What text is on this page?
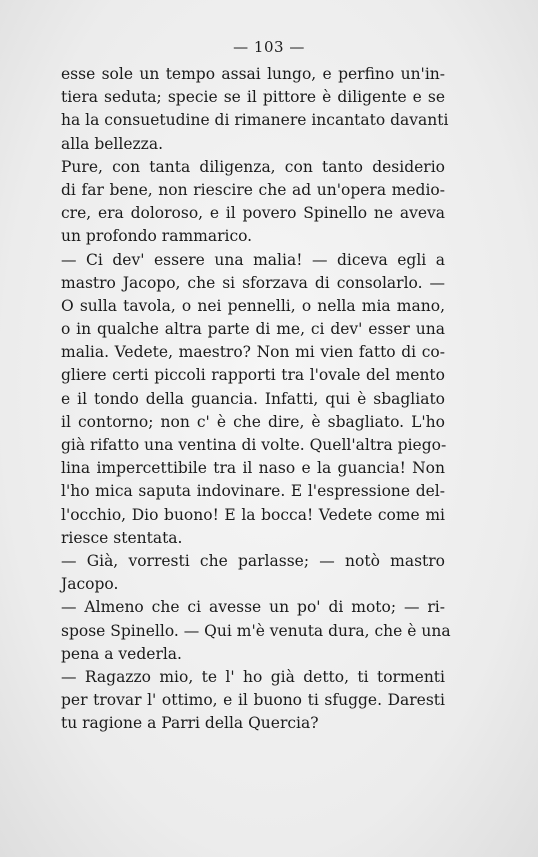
— 103 —
esse sole un tempo assai lungo, e perfino un'in-
tiera seduta; specie se il pittore è diligente e se
ha la consuetudine di rimanere incantato davanti
alla bellezza.
Pure, con tanta diligenza, con tanto desiderio
di far bene, non riescire che ad un'opera medio-
cre, era doloroso, e il povero Spinello ne aveva
un profondo rammarico.
— Ci dev' essere una malia! — diceva egli a
mastro Jacopo, che si sforzava di consolarlo. —
O sulla tavola, o nei pennelli, o nella mia mano,
o in qualche altra parte di me, ci dev' esser una
malia. Vedete, maestro? Non mi vien fatto di co-
gliere certi piccoli rapporti tra l'ovale del mento
e il tondo della guancia. Infatti, qui è sbagliato
il contorno; non c' è che dire, è sbagliato. L'ho
già rifatto una ventina di volte. Quell'altra piego-
lina impercettibile tra il naso e la guancia! Non
l'ho mica saputa indovinare. E l'espressione del-
l'occhio, Dio buono! E la bocca! Vedete come mi
riesce stentata.
— Già, vorresti che parlasse; — notò mastro
Jacopo.
— Almeno che ci avesse un po' di moto; — ri-
spose Spinello. — Qui m'è venuta dura, che è una
pena a vederla.
— Ragazzo mio, te l' ho già detto, ti tormenti
per trovar l' ottimo, e il buono ti sfugge. Daresti
tu ragione a Parri della Quercia?
